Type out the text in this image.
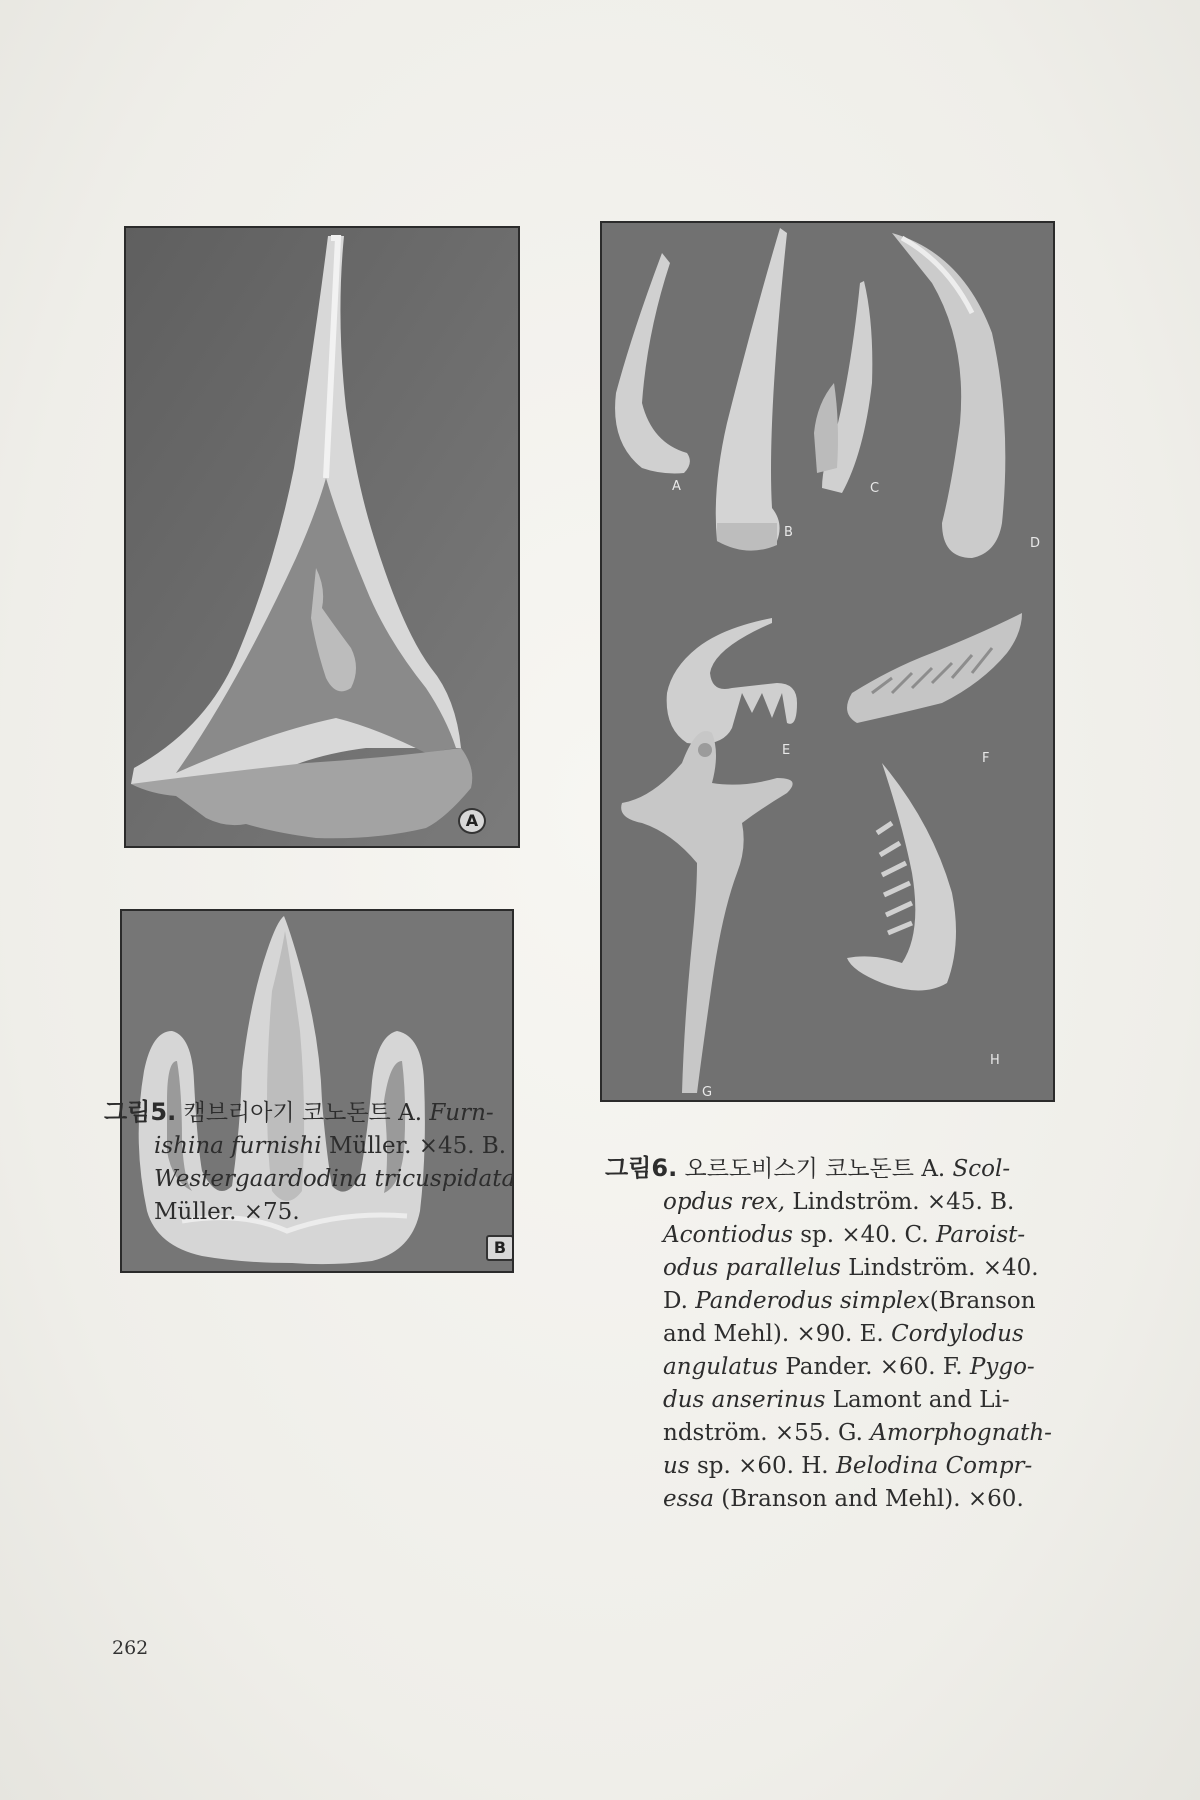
A
B
A
B
C
D
E
F
G
H
그림5. 캠브리아기 코노돈트 A. Furn-
ishina furnishi Müller. ×45. B.
Westergaardodina tricuspidata
Müller. ×75.
그림6. 오르도비스기 코노돈트 A. Scol-
opdus rex, Lindström. ×45. B.
Acontiodus sp. ×40. C. Paroist-
odus parallelus Lindström. ×40.
D. Panderodus simplex(Branson
and Mehl). ×90. E. Cordylodus
angulatus Pander. ×60. F. Pygo-
dus anserinus Lamont and Li-
ndström. ×55. G. Amorphognath-
us sp. ×60. H. Belodina Compr-
essa (Branson and Mehl). ×60.
262
